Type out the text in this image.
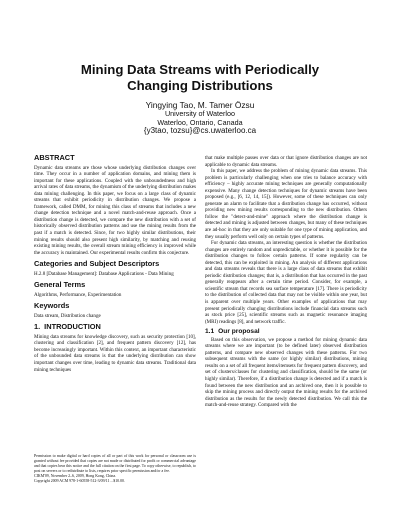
Mining Data Streams with Periodically
Changing Distributions
Yingying Tao, M. Tamer Özsu
University of Waterloo
Waterloo, Ontario, Canada
{y3tao, tozsu}@cs.uwaterloo.ca
ABSTRACT

Dynamic data streams are those whose underlying distribution changes over time. They occur in a number of application domains, and mining them is important for these applications. Coupled with the unboundedness and high arrival rates of data streams, the dynamism of the underlying distribution makes data mining challenging. In this paper, we focus on a large class of dynamic streams that exhibit periodicity in distribution changes. We propose a framework, called DMM, for mining this class of streams that includes a new change detection technique and a novel match-and-reuse approach. Once a distribution change is detected, we compare the new distribution with a set of historically observed distribution patterns and use the mining results from the past if a match is detected. Since, for two highly similar distributions, their mining results should also present high similarity, by matching and reusing existing mining results, the overall stream mining efficiency is improved while the accuracy is maintained. Our experimental results confirm this conjecture.

Categories and Subject Descriptors

H.2.8 [Database Management]: Database Applications - Data Mining

General Terms

Algorithms, Performance, Experimentation

Keywords

Data stream, Distribution change

1. INTRODUCTION

Mining data streams for knowledge discovery, such as security protection [10], clustering and classification [2], and frequent pattern discovery [12], has become increasingly important. Within this context, an important characteristic of the unbounded data streams is that the underlying distribution can show important changes over time, leading to dynamic data streams. Traditional data mining techniques

Permission to make digital or hard copies of all or part of this work for personal or classroom use is granted without fee provided that copies are not made or distributed for profit or commercial advantage and that copies bear this notice and the full citation on the first page. To copy otherwise, to republish, to post on servers or to redistribute to lists, requires prior specific permission and/or a fee.
CIKM'09, November 2–6, 2009, Hong Kong, China.
Copyright 2009 ACM 978-1-60558-512-3/09/11 ...$10.00.

that make multiple passes over data or that ignore distribution changes are not applicable to dynamic data streams.

In this paper, we address the problem of mining dynamic data streams. This problem is particularly challenging when one tries to balance accuracy with efficiency – highly accurate mining techniques are generally computationally expensive. Many change detection techniques for dynamic streams have been proposed (e.g., [6, 12, 14, 15]). However, some of these techniques can only generate an alarm to facilitate that a distribution change has occurred, without providing new mining results corresponding to the new distribution. Others follow the "detect-and-mine" approach where the distribution change is detected and mining is adjusted between changes, but many of these techniques are ad-hoc in that they are only suitable for one type of mining application, and they usually perform well only on certain types of patterns.

For dynamic data streams, an interesting question is whether the distribution changes are entirely random and unpredictable, or whether it is possible for the distribution changes to follow certain patterns. If some regularity can be detected, this can be exploited in mining. An analysis of different applications and data streams reveals that there is a large class of data streams that exhibit periodic distribution changes; that is, a distribution that has occurred in the past generally reappears after a certain time period. Consider, for example, a scientific stream that records sea surface temperature [17]. There is periodicity to the distribution of collected data that may not be visible within one year, but is apparent over multiple years. Other examples of applications that may present periodically changing distributions include financial data streams such as stock price [25], scientific streams such as magnetic resonance imaging (MRI) readings [8], and network traffic.

1.1 Our proposal

Based on this observation, we propose a method for mining dynamic data streams where we are important (to be defined later) observed distribution patterns, and compare new observed changes with these patterns. For two subsequent streams with the same (or highly similar) distributions, mining results on a set of all frequent items/itemsets for frequent pattern discovery, and set of clusters/classes for clustering and classification, should be the same (or highly similar). Therefore, if a distribution change is detected and if a match is found between the new distribution and an archived one, then it is possible to skip the mining process and directly output the mining results for the archived distribution as the results for the newly detected distribution. We call this the match-and-reuse strategy. Compared with the
